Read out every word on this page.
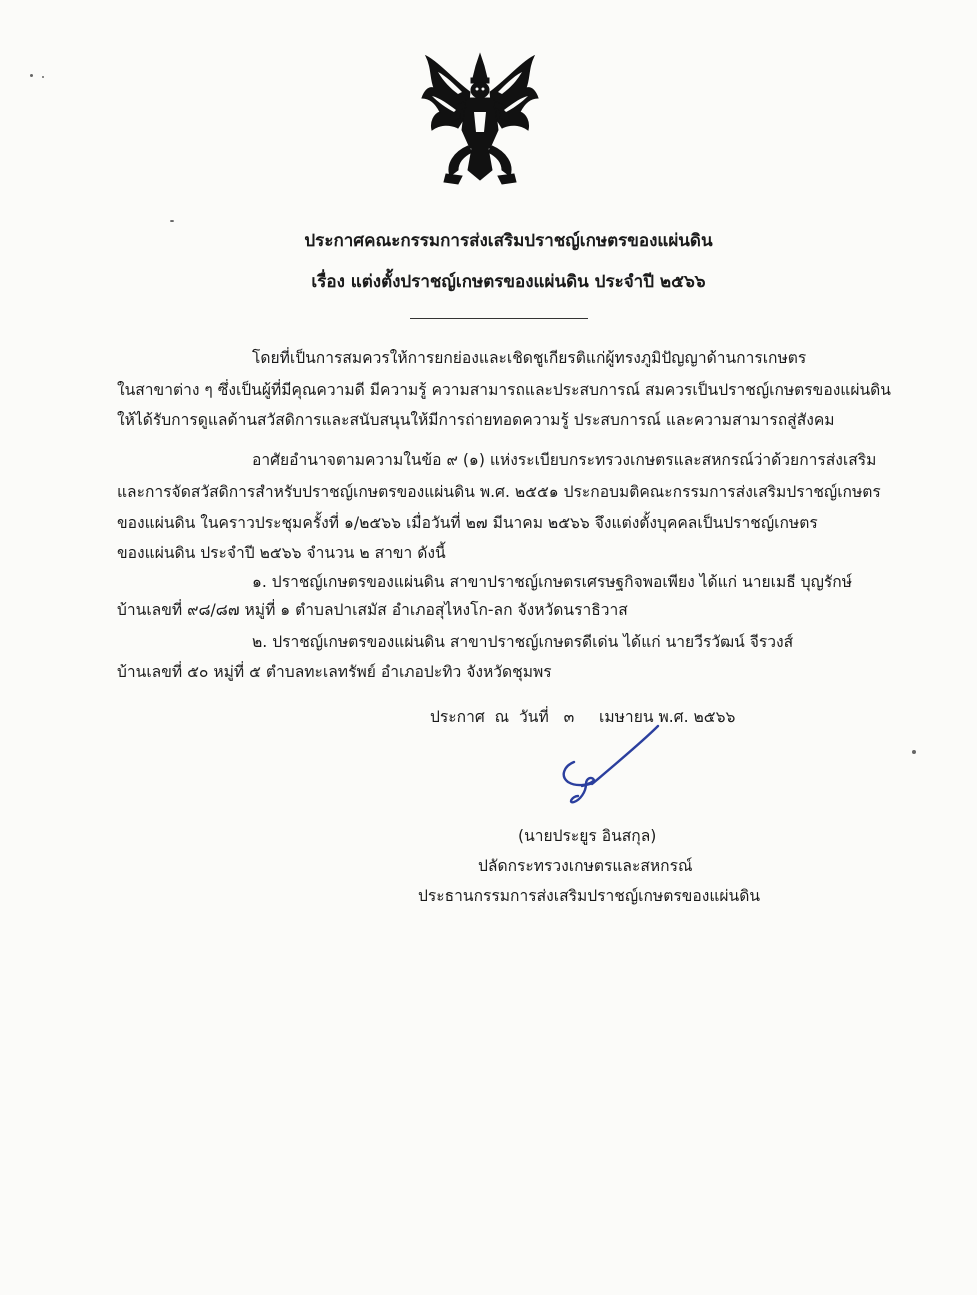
ประกาศคณะกรรมการส่งเสริมปราชญ์เกษตรของแผ่นดิน
เรื่อง แต่งตั้งปราชญ์เกษตรของแผ่นดิน ประจำปี ๒๕๖๖
โดยที่เป็นการสมควรให้การยกย่องและเชิดชูเกียรติแก่ผู้ทรงภูมิปัญญาด้านการเกษตร
ในสาขาต่าง ๆ ซึ่งเป็นผู้ที่มีคุณความดี มีความรู้ ความสามารถและประสบการณ์ สมควรเป็นปราชญ์เกษตรของแผ่นดิน
ให้ได้รับการดูแลด้านสวัสดิการและสนับสนุนให้มีการถ่ายทอดความรู้ ประสบการณ์ และความสามารถสู่สังคม
อาศัยอำนาจตามความในข้อ ๙ (๑) แห่งระเบียบกระทรวงเกษตรและสหกรณ์ว่าด้วยการส่งเสริม
และการจัดสวัสดิการสำหรับปราชญ์เกษตรของแผ่นดิน พ.ศ. ๒๕๕๑ ประกอบมติคณะกรรมการส่งเสริมปราชญ์เกษตร
ของแผ่นดิน ในคราวประชุมครั้งที่ ๑/๒๕๖๖ เมื่อวันที่ ๒๗ มีนาคม ๒๕๖๖ จึงแต่งตั้งบุคคลเป็นปราชญ์เกษตร
ของแผ่นดิน ประจำปี ๒๕๖๖ จำนวน ๒ สาขา ดังนี้
๑. ปราชญ์เกษตรของแผ่นดิน สาขาปราชญ์เกษตรเศรษฐกิจพอเพียง ได้แก่ นายเมธี บุญรักษ์
บ้านเลขที่ ๙๘/๘๗ หมู่ที่ ๑ ตำบลปาเสมัส อำเภอสุไหงโก-ลก จังหวัดนราธิวาส
๒. ปราชญ์เกษตรของแผ่นดิน สาขาปราชญ์เกษตรดีเด่น ได้แก่ นายวีรวัฒน์ จีรวงส์
บ้านเลขที่ ๕๐ หมู่ที่ ๕ ตำบลทะเลทรัพย์ อำเภอปะทิว จังหวัดชุมพร
ประกาศ  ณ  วันที่   ๓     เมษายน พ.ศ. ๒๕๖๖
(นายประยูร อินสกุล)
ปลัดกระทรวงเกษตรและสหกรณ์
ประธานกรรมการส่งเสริมปราชญ์เกษตรของแผ่นดิน
